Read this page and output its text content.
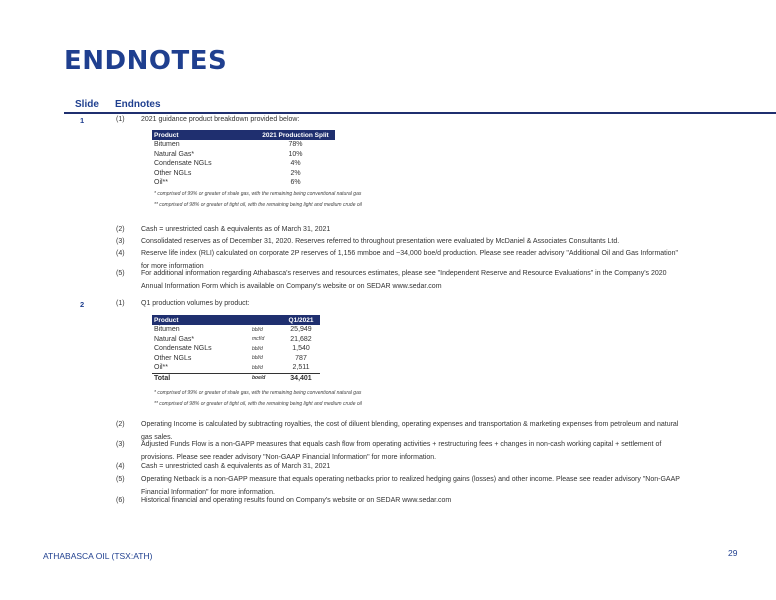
ENDNOTES
Slide Endnotes
1	(1) 2021 guidance product breakdown provided below:
Product	2021 Production Split
Bitumen	78%
Natural Gas*	10%
Condensate NGLs	4%
Other NGLs	2%
Oil**	6%
* comprised of 99% or greater of shale gas, with the remaining being conventional natural gas
** comprised of 98% or greater of tight oil, with the remaining being light and medium crude oil
(2) Cash = unrestricted cash & equivalents as of March 31, 2021
(3) Consolidated reserves as of December 31, 2020. Reserves referred to throughout presentation were evaluated by McDaniel & Associates Consultants Ltd.
(4) Reserve life index (RLI) calculated on corporate 2P reserves of 1,156 mmboe and ~34,000 boe/d production. Please see reader advisory "Additional Oil and Gas Information" for more information
(5) For additional information regarding Athabasca's reserves and resources estimates, please see "Independent Reserve and Resource Evaluations" in the Company's 2020 Annual Information Form which is available on Company's website or on SEDAR www.sedar.com
2	(1) Q1 production volumes by product:
Product		Q1/2021
Bitumen	bbl/d	25,949
Natural Gas*	mcf/d	21,682
Condensate NGLs	bbl/d	1,540
Other NGLs	bbl/d	787
Oil**	bbl/d	2,511
Total	boe/d	34,401
* comprised of 99% or greater of shale gas, with the remaining being conventional natural gas
** comprised of 98% or greater of tight oil, with the remaining being light and medium crude oil
(2) Operating Income is calculated by subtracting royalties, the cost of diluent blending, operating expenses and transportation & marketing expenses from petroleum and natural gas sales.
(3) Adjusted Funds Flow is a non-GAPP measures that equals cash flow from operating activities + restructuring fees + changes in non-cash working capital + settlement of provisions. Please see reader advisory "Non-GAAP Financial Information" for more information.
(4) Cash = unrestricted cash & equivalents as of March 31, 2021
(5) Operating Netback is a non-GAPP measure that equals operating netbacks prior to realized hedging gains (losses) and other income. Please see reader advisory "Non-GAAP Financial Information" for more information.
(6) Historical financial and operating results found on Company's website or on SEDAR www.sedar.com
ATHABASCA OIL (TSX:ATH)	29
